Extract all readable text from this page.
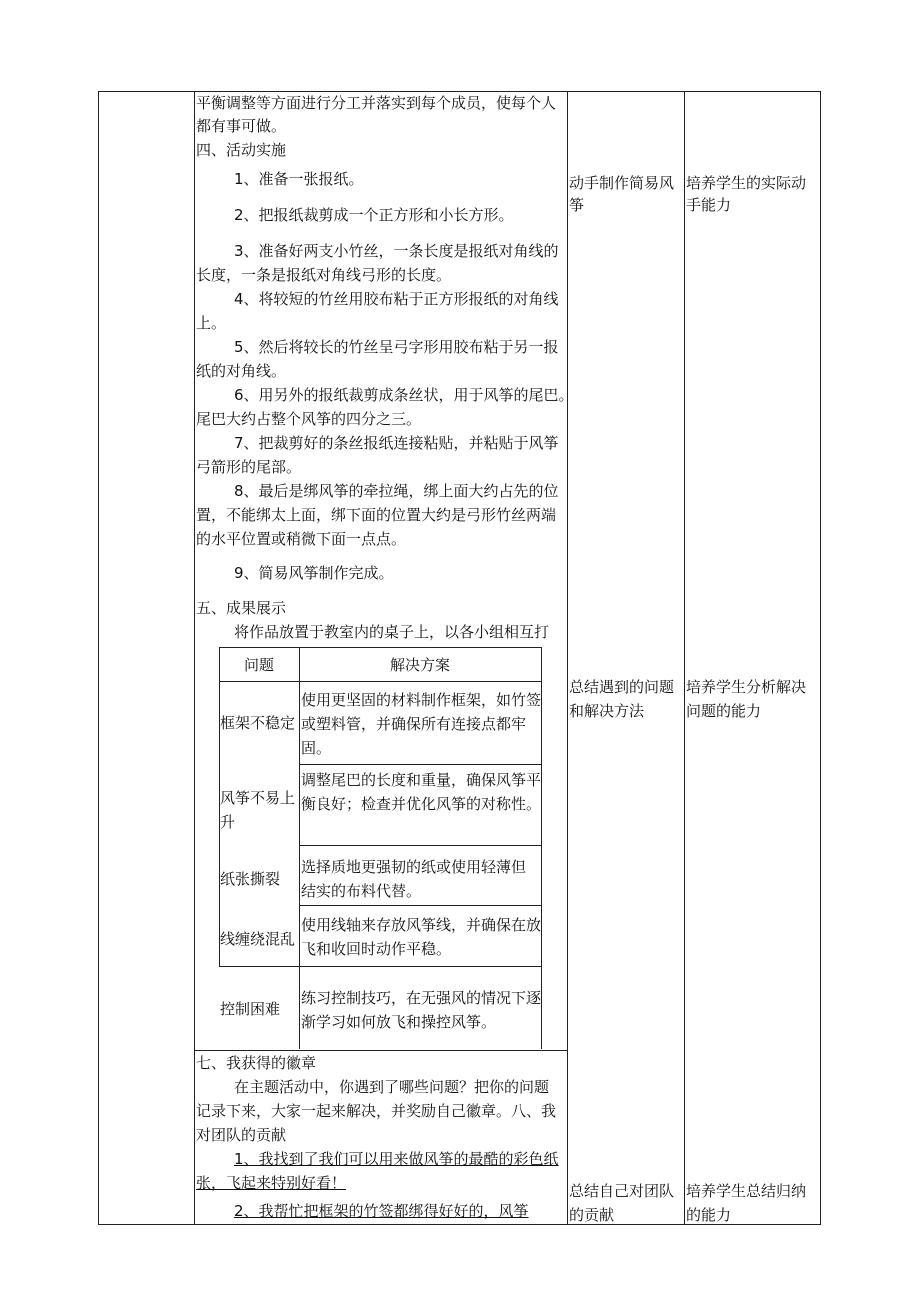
平衡调整等方面进行分工并落实到每个成员，使每个人
都有事可做。
四、活动实施
1、准备一张报纸。
2、把报纸裁剪成一个正方形和小长方形。
3、准备好两支小竹丝，一条长度是报纸对角线的
长度，一条是报纸对角线弓形的长度。
4、将较短的竹丝用胶布粘于正方形报纸的对角线
上。
5、然后将较长的竹丝呈弓字形用胶布粘于另一报
纸的对角线。
6、用另外的报纸裁剪成条丝状，用于风筝的尾巴。
尾巴大约占整个风筝的四分之三。
7、把裁剪好的条丝报纸连接粘贴，并粘贴于风筝
弓箭形的尾部。
8、最后是绑风筝的牵拉绳，绑上面大约占先的位
置，不能绑太上面，绑下面的位置大约是弓形竹丝两端
的水平位置或稍微下面一点点。
9、简易风筝制作完成。
五、成果展示
将作品放置于教室内的桌子上，以各小组相互打
问题	解决方案
框架不稳定
使用更坚固的材料制作框架，如竹签
或塑料管，并确保所有连接点都牢
固。
风筝不易上
升
调整尾巴的长度和重量，确保风筝平
衡良好；检查并优化风筝的对称性。
纸张撕裂
选择质地更强韧的纸或使用轻薄但
结实的布料代替。
线缠绕混乱
使用线轴来存放风筝线，并确保在放
飞和收回时动作平稳。
控制困难
练习控制技巧，在无强风的情况下逐
渐学习如何放飞和操控风筝。
七、我获得的徽章
在主题活动中，你遇到了哪些问题？把你的问题
记录下来，大家一起来解决，并奖励自己徽章。八、我
对团队的贡献
1、我找到了我们可以用来做风筝的最酷的彩色纸
张，飞起来特别好看！
2、我帮忙把框架的竹签都绑得好好的，风筝
动手制作简易风
筝
总结遇到的问题
和解决方法
总结自己对团队
的贡献
培养学生的实际动
手能力
培养学生分析解决
问题的能力
培养学生总结归纳
的能力
